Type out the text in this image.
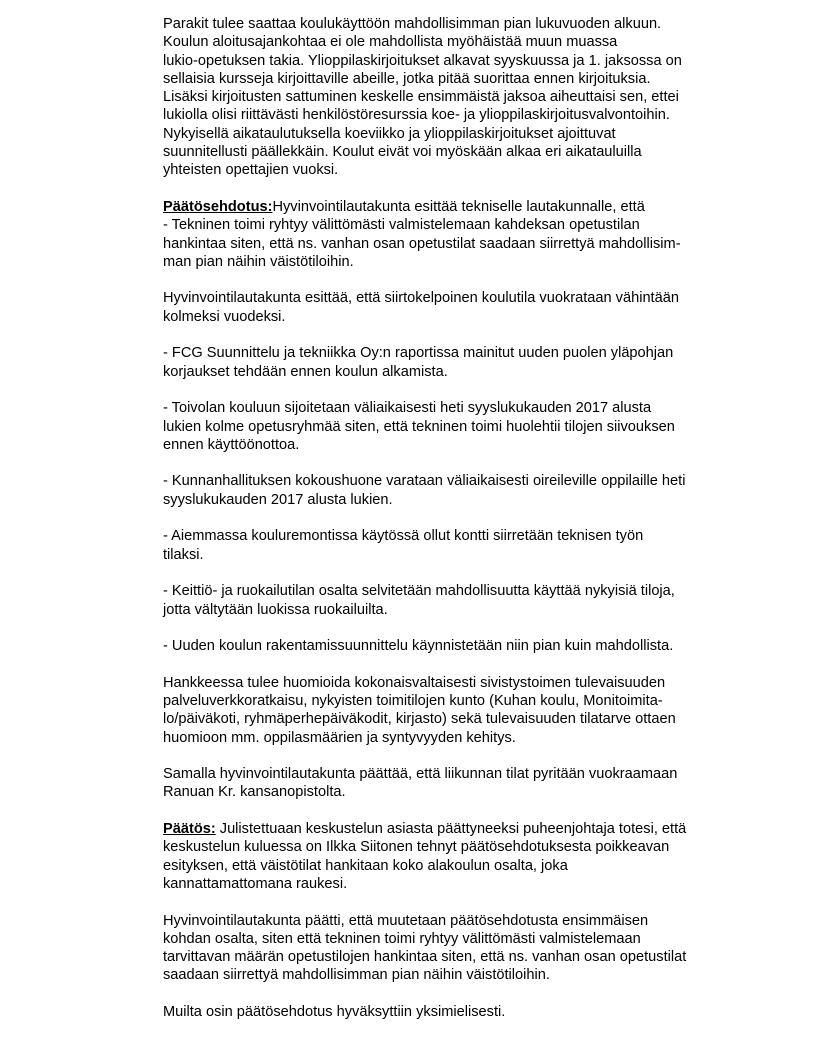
Parakit tulee saattaa koulukäyttöön mahdollisimman pian lukuvuoden alkuun.
Koulun aloitusajankohtaa ei ole mahdollista myöhäistää muun muassa
lukio-opetuksen takia. Ylioppilaskirjoitukset alkavat syyskuussa ja 1. jaksossa on
sellaisia kursseja kirjoittaville abeille, jotka pitää suorittaa ennen kirjoituksia.
Lisäksi kirjoitusten sattuminen keskelle ensimmäistä jaksoa aiheuttaisi sen, ettei
lukiolla olisi riittävästi henkilöstöresurssia koe- ja ylioppilaskirjoitusvalvontoihin.
Nykyisellä aikataulutuksella koeviikko ja ylioppilaskirjoitukset ajoittuvat
suunnitellusti päällekkäin. Koulut eivät voi myöskään alkaa eri aikatauluilla
yhteisten opettajien vuoksi.

Päätösehdotus:Hyvinvointilautakunta esittää tekniselle lautakunnalle, että
- Tekninen toimi ryhtyy välittömästi valmistelemaan kahdeksan opetustilan
hankintaa siten, että ns. vanhan osan opetustilat saadaan siirrettyä mahdollisim-
man pian näihin väistötiloihin.

Hyvinvointilautakunta esittää, että siirtokelpoinen koulutila vuokrataan vähintään
kolmeksi vuodeksi.

- FCG Suunnittelu ja tekniikka Oy:n raportissa mainitut uuden puolen yläpohjan
korjaukset tehdään ennen koulun alkamista.

- Toivolan kouluun sijoitetaan väliaikaisesti heti syyslukukauden 2017 alusta
lukien kolme opetusryhmää siten, että tekninen toimi huolehtii tilojen siivouksen
ennen käyttöönottoa.

- Kunnanhallituksen kokoushuone varataan väliaikaisesti oireileville oppilaille heti
syyslukukauden 2017 alusta lukien.

- Aiemmassa kouluremontissa käytössä ollut kontti siirretään teknisen työn
tilaksi.

- Keittiö- ja ruokailutilan osalta selvitetään mahdollisuutta käyttää nykyisiä tiloja,
jotta vältytään luokissa ruokailuilta.

- Uuden koulun rakentamissuunnittelu käynnistetään niin pian kuin mahdollista.

Hankkeessa tulee huomioida kokonaisvaltaisesti sivistystoimen tulevaisuuden
palveluverkkoratkaisu, nykyisten toimitilojen kunto (Kuhan koulu, Monitoimita-
lo/päiväkoti, ryhmäperhepäiväkodit, kirjasto) sekä tulevaisuuden tilatarve ottaen
huomioon mm. oppilasmäärien ja syntyvyyden kehitys.

Samalla hyvinvointilautakunta päättää, että liikunnan tilat pyritään vuokraamaan
Ranuan Kr. kansanopistolta.

Päätös: Julistettuaan keskustelun asiasta päättyneeksi puheenjohtaja totesi, että
keskustelun kuluessa on Ilkka Siitonen tehnyt päätösehdotuksesta poikkeavan
esityksen, että väistötilat hankitaan koko alakoulun osalta, joka
kannattamattomana raukesi.

Hyvinvointilautakunta päätti, että muutetaan päätösehdotusta ensimmäisen
kohdan osalta, siten että tekninen toimi ryhtyy välittömästi valmistelemaan
tarvittavan määrän opetustilojen hankintaa siten, että ns. vanhan osan opetustilat
saadaan siirrettyä mahdollisimman pian näihin väistötiloihin.

Muilta osin päätösehdotus hyväksyttiin yksimielisesti.
